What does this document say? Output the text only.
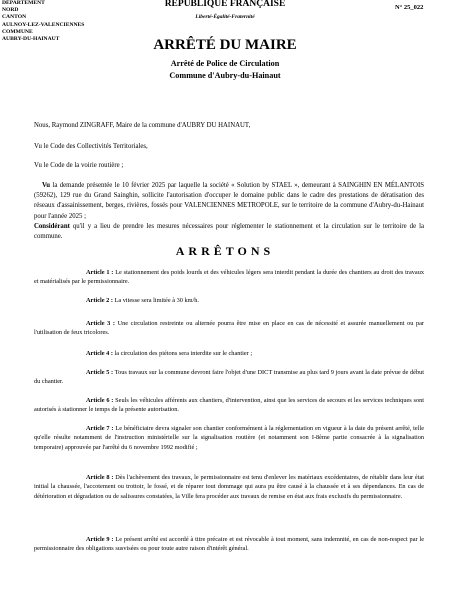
DÉPARTEMENT
NORD
CANTON
AULNOY-LEZ-VALENCIENNES
COMMUNE
AUBRY-DU-HAINAUT
RÉPUBLIQUE FRANÇAISE
Liberté-Égalité-Fraternité
N° 25_022
ARRÊTÉ DU MAIRE
Arrêté de Police de Circulation
Commune d'Aubry-du-Hainaut
Nous, Raymond ZINGRAFF, Maire de la commune d'AUBRY DU HAINAUT,
Vu le Code des Collectivités Territoriales,
Vu le Code de la voirie routière ;
Vu la demande présentée le 10 février 2025 par laquelle la société « Solution by STAEL », demeurant à SAINGHIN EN MÉLANTOIS (59262), 129 rue du Grand Sainghin, sollicite l'autorisation d'occuper le domaine public dans le cadre des prestations de dératisation des réseaux d'assainissement, berges, rivières, fossés pour VALENCIENNES METROPOLE, sur le territoire de la commune d'Aubry-du-Hainaut pour l'année 2025 ;
Considérant qu'il y a lieu de prendre les mesures nécessaires pour réglementer le stationnement et la circulation sur le territoire de la commune.
ARRÊTONS
Article 1 : Le stationnement des poids lourds et des véhicules légers sera interdit pendant la durée des chantiers au droit des travaux et matérialisés par le permissionnaire.
Article 2 : La vitesse sera limitée à 30 km/h.
Article 3 : Une circulation restreinte ou alternée pourra être mise en place en cas de nécessité et assurée manuellement ou par l'utilisation de feux tricolores.
Article 4 : la circulation des piétons sera interdite sur le chantier ;
Article 5 : Tous travaux sur la commune devront faire l'objet d'une DICT transmise au plus tard 9 jours avant la date prévue de début du chantier.
Article 6 : Seuls les véhicules afférents aux chantiers, d'intervention, ainsi que les services de secours et les services techniques sont autorisés à stationner le temps de la présente autorisation.
Article 7 : Le bénéficiaire devra signaler son chantier conformément à la réglementation en vigueur à la date du présent arrêté, telle qu'elle résulte notamment de l'instruction ministérielle sur la signalisation routière (et notamment son I-8ème partie consacrée à la signalisation temporaire) approuvée par l'arrêté du 6 novembre 1992 modifié ;
Article 8 : Dès l'achèvement des travaux, le permissionnaire est tenu d'enlever les matériaux excédentaires, de rétablir dans leur état initial la chaussée, l'accotement ou trottoir, le fossé, et de réparer tout dommage qui aura pu être causé à la chaussée et à ses dépendances. En cas de détérioration et dégradation ou de salissures constatées, la Ville fera procéder aux travaux de remise en état aux frais exclusifs du permissionnaire.
Article 9 : Le présent arrêté est accordé à titre précaire et est révocable à tout moment, sans indemnité, en cas de non-respect par le permissionnaire des obligations susvisées ou pour toute autre raison d'intérêt général.
